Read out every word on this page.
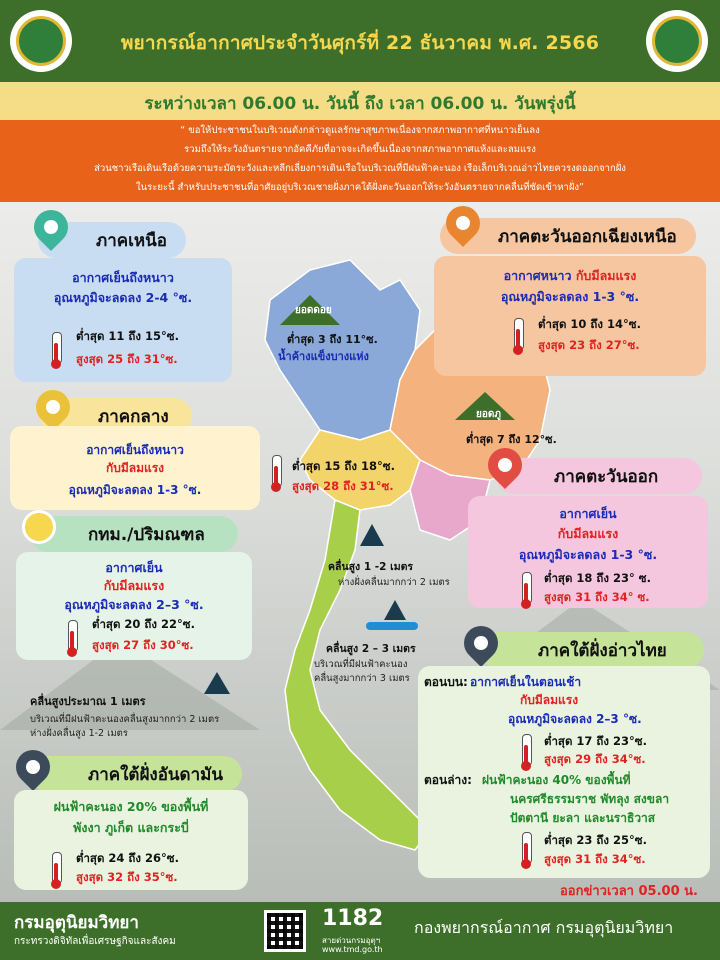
พยากรณ์อากาศประจำวันศุกร์ที่ 22 ธันวาคม พ.ศ. 2566
ระหว่างเวลา 06.00 น. วันนี้ ถึง เวลา 06.00 น. วันพรุ่งนี้
“ ขอให้ประชาชนในบริเวณดังกล่าวดูแลรักษาสุขภาพเนื่องจากสภาพอากาศที่หนาวเย็นลง
รวมถึงให้ระวังอันตรายจากอัคคีภัยที่อาจจะเกิดขึ้นเนื่องจากสภาพอากาศแห้งและลมแรง
ส่วนชาวเรือเดินเรือด้วยความระมัดระวังและหลีกเลี่ยงการเดินเรือในบริเวณที่มีฝนฟ้าคะนอง เรือเล็กบริเวณอ่าวไทยควรงดออกจากฝั่ง
ในระยะนี้ สำหรับประชาชนที่อาศัยอยู่บริเวณชายฝั่งภาคใต้ฝั่งตะวันออกให้ระวังอันตรายจากคลื่นที่ซัดเข้าหาฝั่ง”
ยอดดอย
ต่ำสุด 3 ถึง 11°ซ.
น้ำค้างแข็งบางแห่ง
ยอดภู
ต่ำสุด 7 ถึง 12°ซ.
ภาคเหนือ
อากาศเย็นถึงหนาว
อุณหภูมิจะลดลง 2-4 °ซ.
ต่ำสุด 11 ถึง 15°ซ.
สูงสุด 25 ถึง 31°ซ.
ภาคตะวันออกเฉียงเหนือ
อากาศหนาว กับมีลมแรง
อุณหภูมิจะลดลง 1-3 °ซ.
ต่ำสุด 10 ถึง 14°ซ.
สูงสุด 23 ถึง 27°ซ.
ภาคกลาง
อากาศเย็นถึงหนาว
กับมีลมแรง
อุณหภูมิจะลดลง 1-3 °ซ.
ต่ำสุด 15 ถึง 18°ซ.
สูงสุด 28 ถึง 31°ซ.	ภาคตะวันออก
อากาศเย็น
กับมีลมแรง
อุณหภูมิจะลดลง 1-3 °ซ.
ต่ำสุด 18 ถึง 23° ซ.
สูงสุด 31 ถึง 34° ซ.
กทม./ปริมณฑล
อากาศเย็น
กับมีลมแรง
อุณหภูมิจะลดลง 2–3 °ซ.
ต่ำสุด 20 ถึง 22°ซ.
สูงสุด 27 ถึง 30°ซ.
คลื่นสูง 1 -2 เมตร
ห่างฝั่งคลื่นมากกว่า 2 เมตร
คลื่นสูง 2 – 3 เมตร
บริเวณที่มีฝนฟ้าคะนอง
คลื่นสูงมากกว่า 3 เมตร
คลื่นสูงประมาณ 1 เมตร
บริเวณที่มีฝนฟ้าคะนองคลื่นสูงมากกว่า 2 เมตร
ห่างฝั่งคลื่นสูง 1-2 เมตร
ภาคใต้ฝั่งอ่าวไทย
ตอนบน: อากาศเย็นในตอนเช้า
กับมีลมแรง
อุณหภูมิจะลดลง 2–3 °ซ.
ต่ำสุด 17 ถึง 23°ซ.
สูงสุด 29 ถึง 34°ซ.
ตอนล่าง: ฝนฟ้าคะนอง 40% ของพื้นที่
นครศรีธรรมราช พัทลุง สงขลา
ปัตตานี ยะลา และนราธิวาส
ต่ำสุด 23 ถึง 25°ซ.
สูงสุด 31 ถึง 34°ซ.
ภาคใต้ฝั่งอันดามัน
ฝนฟ้าคะนอง 20% ของพื้นที่
พังงา ภูเก็ต และกระบี่
ต่ำสุด 24 ถึง 26°ซ.
สูงสุด 32 ถึง 35°ซ.
ออกข่าวเวลา 05.00 น.
กรมอุตุนิยมวิทยา
กระทรวงดิจิทัลเพื่อเศรษฐกิจและสังคม
1182
สายด่วนกรมอุตุฯ
www.tmd.go.th
กองพยากรณ์อากาศ กรมอุตุนิยมวิทยา
